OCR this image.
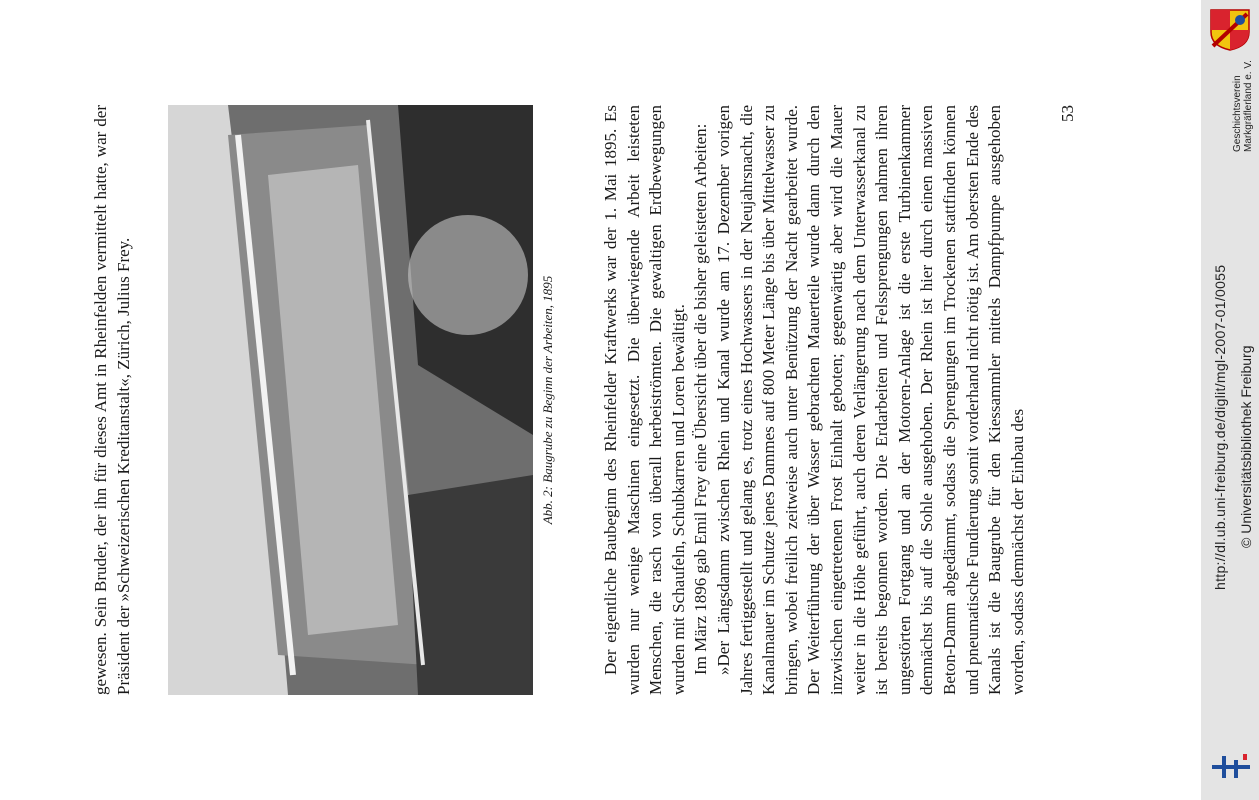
gewesen. Sein Bruder, der ihn für dieses Amt in Rheinfelden vermittelt hatte, war der Präsident der »Schweizerischen Kreditanstalt«, Zürich, Julius Frey.	Abb. 2: Baugrube zu Beginn der Arbeiten, 1895	Der eigentliche Baubeginn des Rheinfelder Kraftwerks war der 1. Mai 1895. Es wurden nur wenige Maschinen eingesetzt. Die überwiegende Arbeit leisteten Menschen, die rasch von überall herbeiströmten. Die gewaltigen Erdbewegungen wurden mit Schaufeln, Schubkarren und Loren bewältigt. Im März 1896 gab Emil Frey eine Übersicht über die bisher geleisteten Arbeiten: »Der Längsdamm zwischen Rhein und Kanal wurde am 17. Dezember vorigen Jahres fertiggestellt und gelang es, trotz eines Hochwassers in der Neujahrsnacht, die Kanalmauer im Schutze jenes Dammes auf 800 Meter Länge bis über Mittelwasser zu bringen, wobei freilich zeitweise auch unter Benützung der Nacht gearbeitet wurde. Der Weiterführung der über Wasser gebrachten Mauerteile wurde dann durch den inzwischen eingetretenen Frost Einhalt geboten; gegenwärtig aber wird die Mauer weiter in die Höhe geführt, auch deren Verlängerung nach dem Unterwasserkanal zu ist bereits begonnen worden. Die Erdarbeiten und Felssprengungen nahmen ihren ungestörten Fortgang und an der Motoren-Anlage ist die erste Turbinenkammer demnächst bis auf die Sohle ausgehoben. Der Rhein ist hier durch einen massiven Beton-Damm abgedämmt, sodass die Sprengungen im Trockenen stattfinden können und pneumatische Fundierung somit vorderhand nicht nötig ist. Am obersten Ende des Kanals ist die Baugrube für den Kiessammler mittels Dampfpumpe ausgehoben worden, sodass demnächst der Einbau des

53	Geschichtsverein Markgräflerland e. V.
http://dl.ub.uni-freiburg.de/diglit/mgl-2007-01/0055 © Universitätsbibliothek Freiburg
